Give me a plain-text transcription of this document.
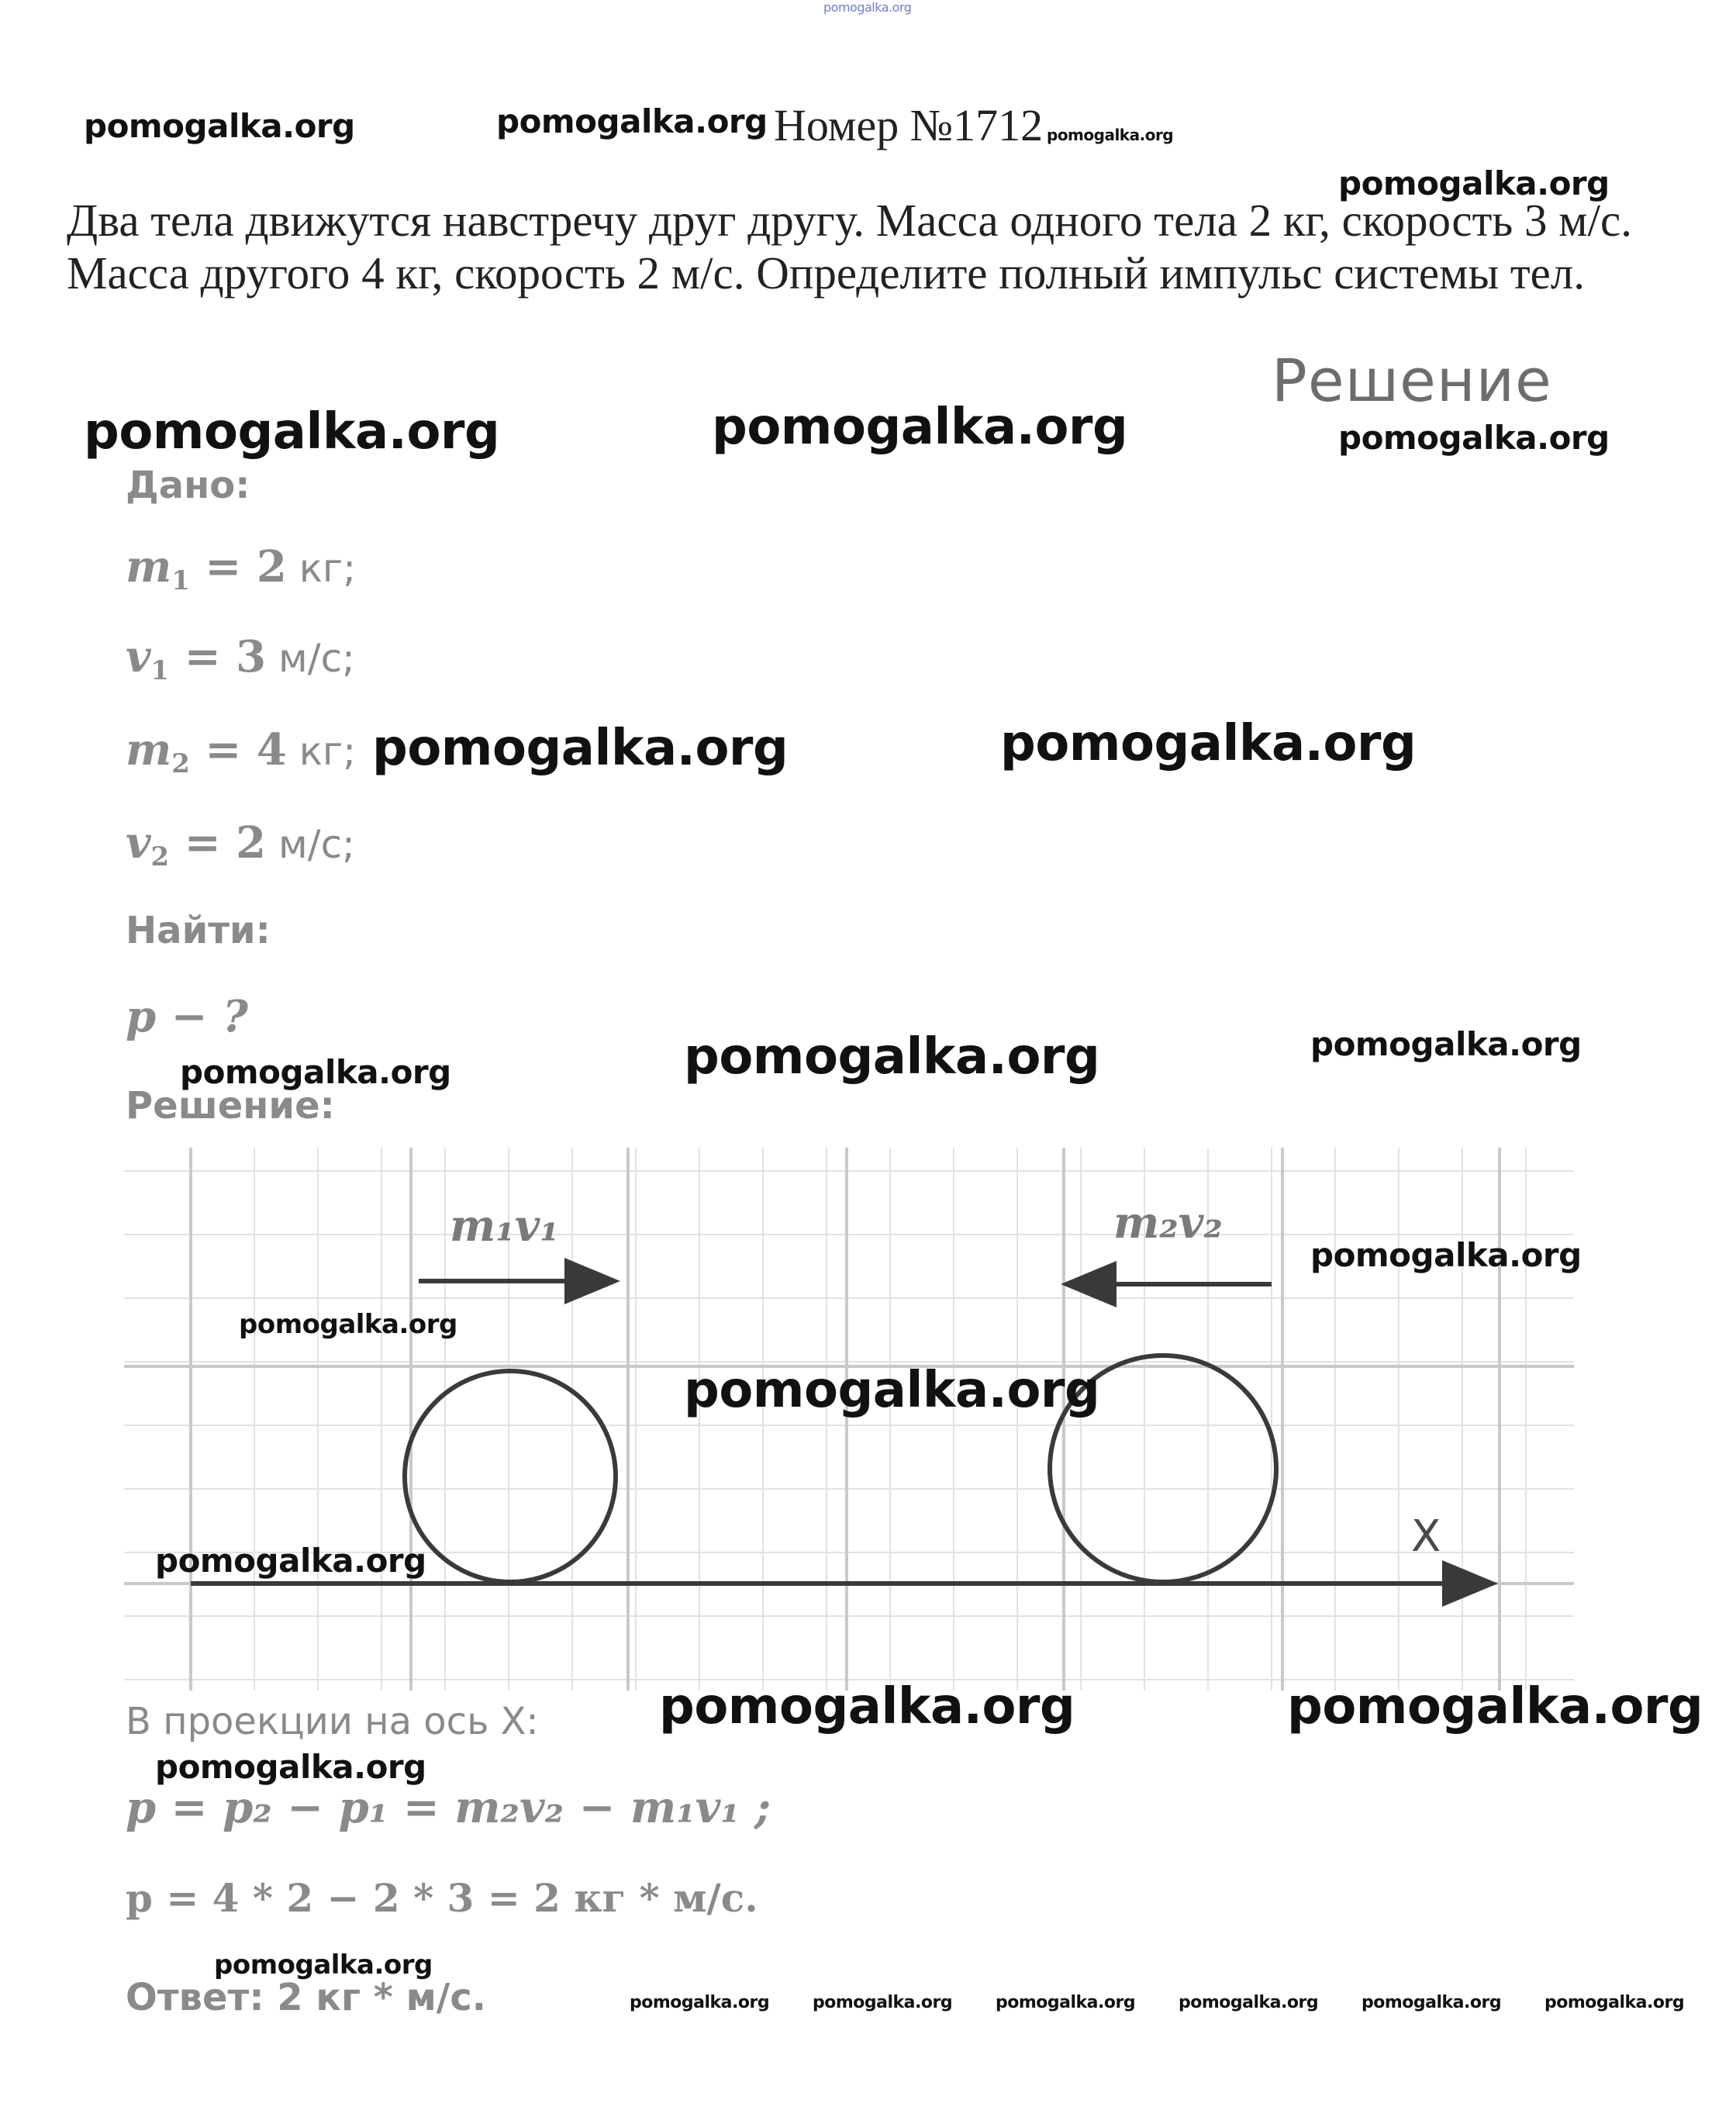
pomogalka.org
pomogalka.org	pomogalka.org Номер №1712 pomogalka.org
pomogalka.org
Два тела движутся навстречу друг другу. Масса одного тела 2 кг, скорость 3 м/с.
Масса другого 4 кг, скорость 2 м/с. Определите полный импульс системы тел.
Решение
pomogalka.org	pomogalka.org	pomogalka.org
Дано:
$m_1 = 2$ кг;
$v_1 = 3$ м/с;
$m_2 = 4$ кг; pomogalka.org	pomogalka.org
$v_2 = 2$ м/с;
Найти:
p − ?
pomogalka.org	pomogalka.org	pomogalka.org
Решение:
X
m₁v₁	m₂v₂
pomogalka.org
pomogalka.org
pomogalka.org
pomogalka.org
В проекции на ось X: pomogalka.org	pomogalka.org
pomogalka.org
p = p₂ − p₁ = m₂v₂ − m₁v₁ ;
p = 4 * 2 − 2 * 3 = 2 кг * м/с.
pomogalka.org
Ответ: 2 кг * м/с.	pomogalka.org	pomogalka.org	pomogalka.org	pomogalka.org	pomogalka.org	pomogalka.org
